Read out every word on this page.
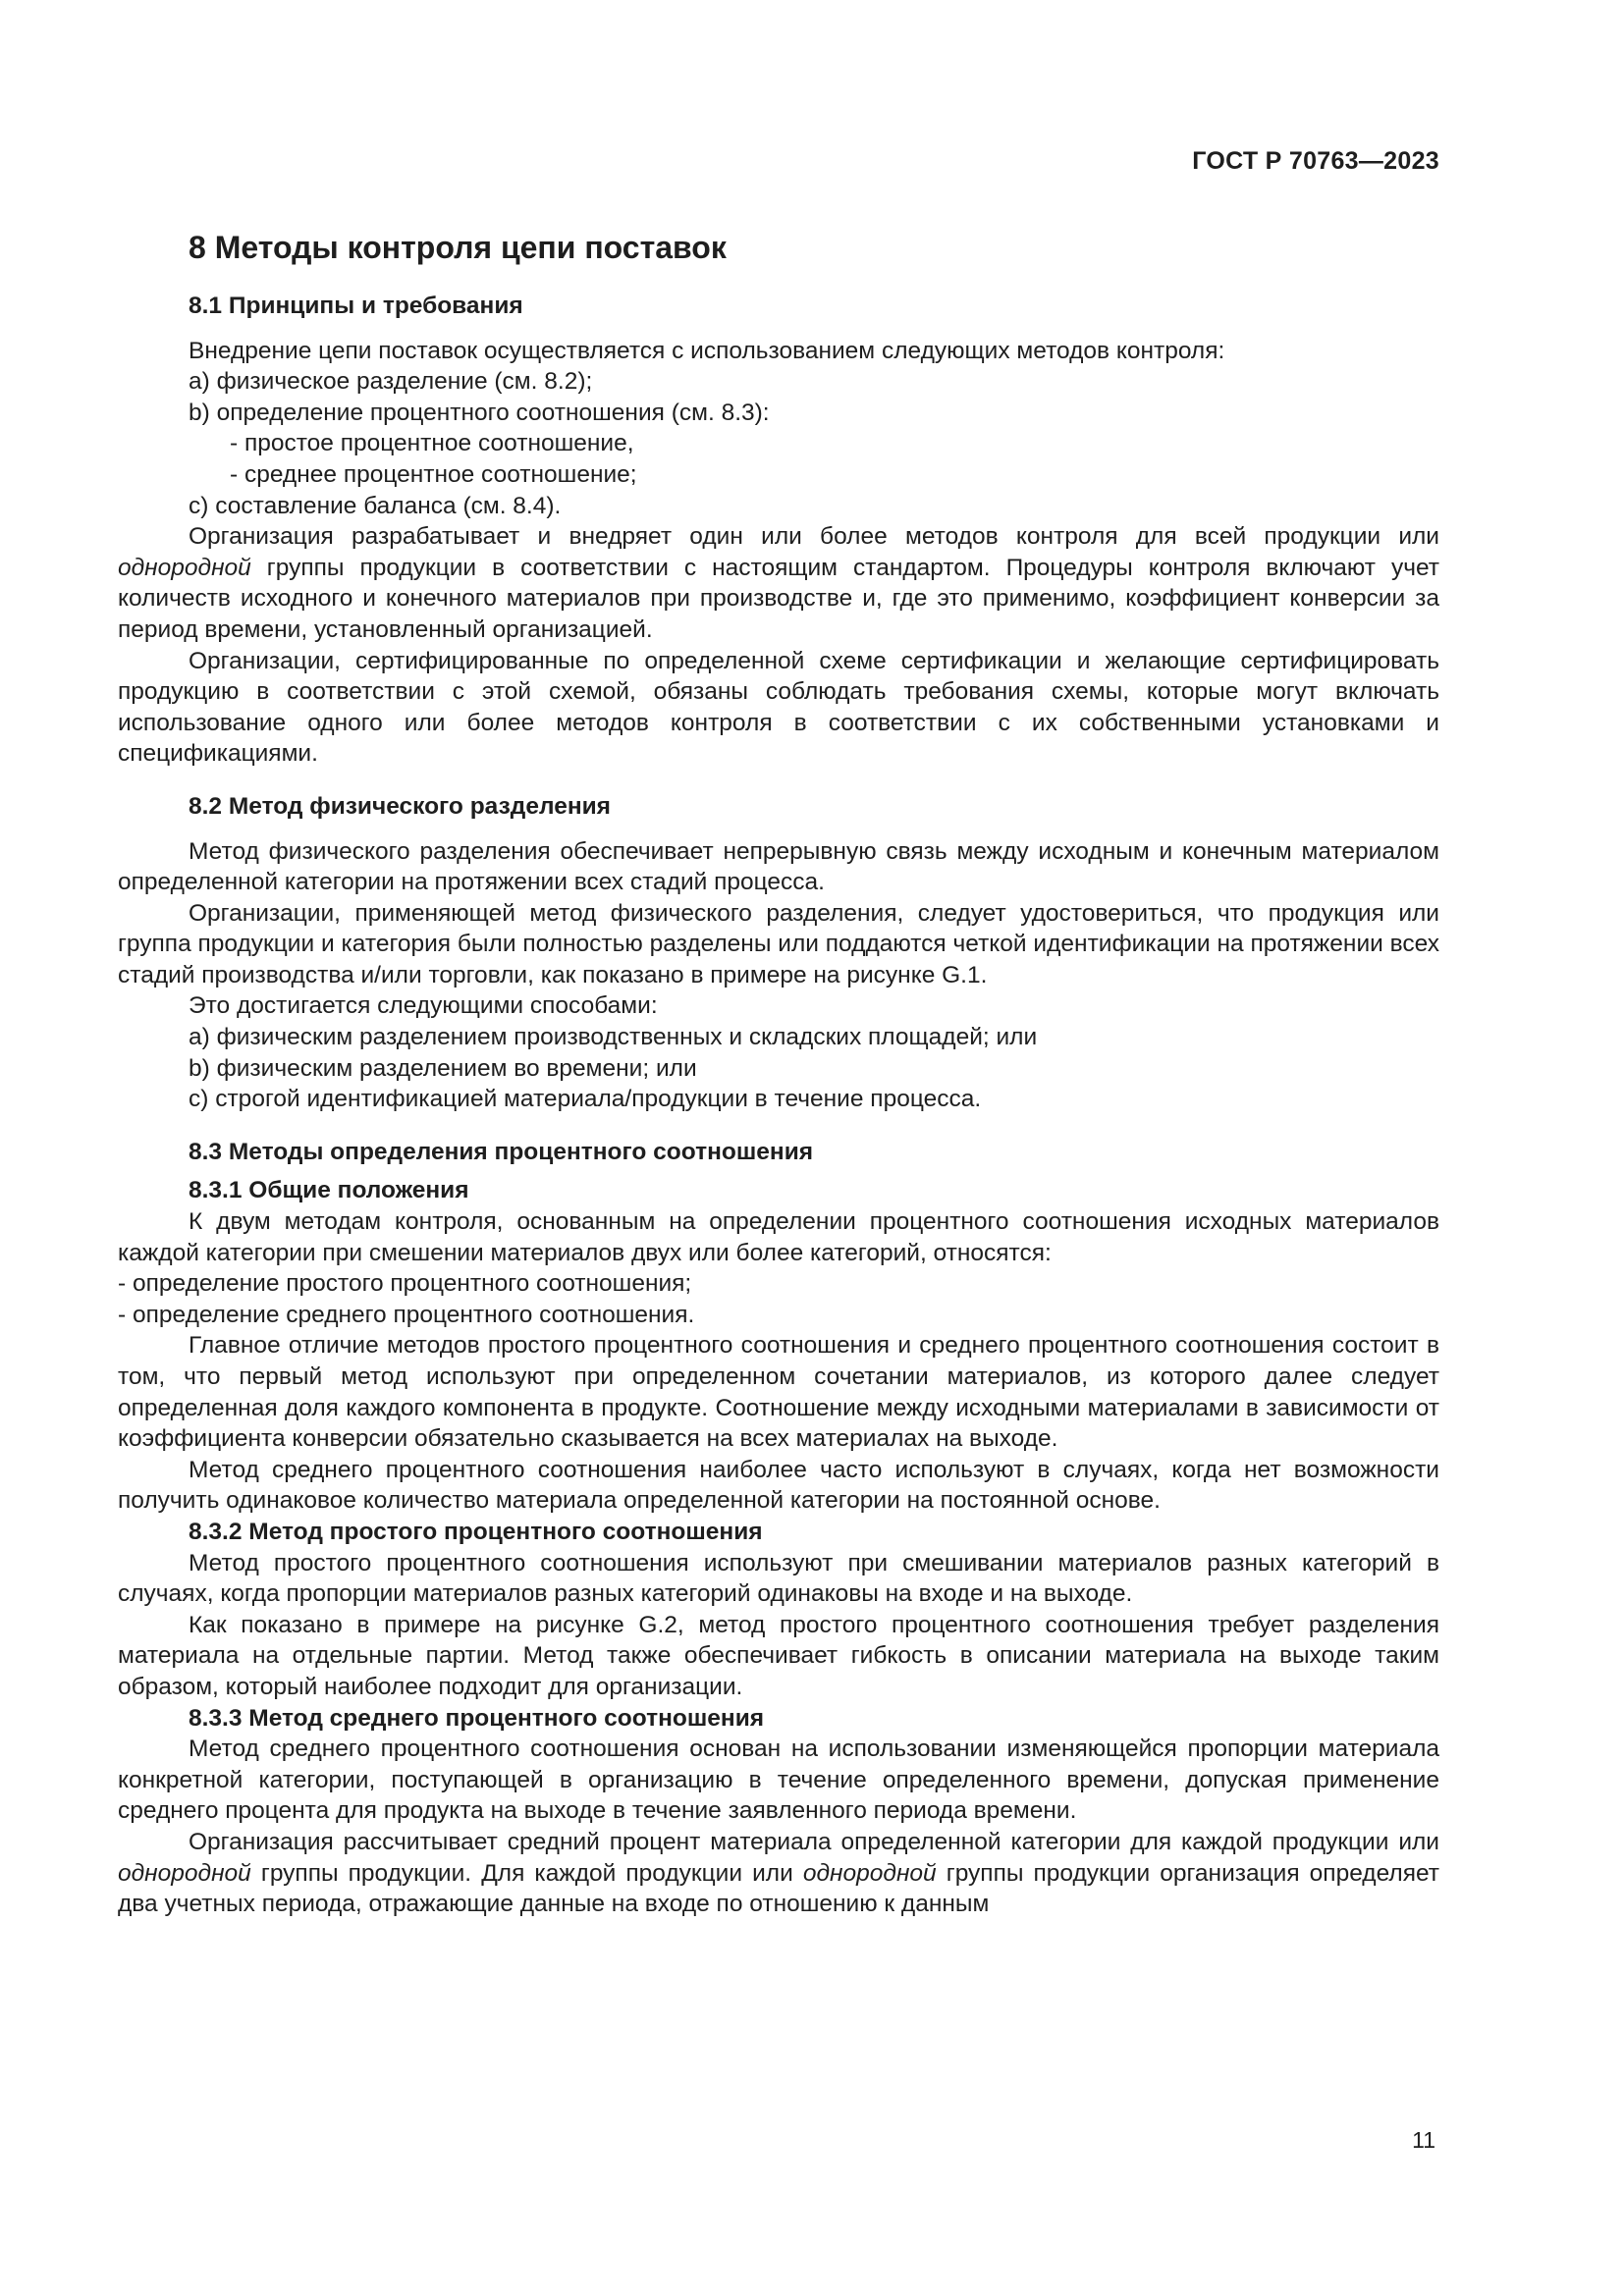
ГОСТ Р 70763—2023
8 Методы контроля цепи поставок
8.1 Принципы и требования

Внедрение цепи поставок осуществляется с использованием следующих методов контроля:

a) физическое разделение (см. 8.2);

b) определение процентного соотношения (см. 8.3):

- простое процентное соотношение,

- среднее процентное соотношение;

c) составление баланса (см. 8.4).

Организация разрабатывает и внедряет один или более методов контроля для всей продукции или однородной группы продукции в соответствии с настоящим стандартом. Процедуры контроля включают учет количеств исходного и конечного материалов при производстве и, где это применимо, коэффициент конверсии за период времени, установленный организацией.

Организации, сертифицированные по определенной схеме сертификации и желающие сертифицировать продукцию в соответствии с этой схемой, обязаны соблюдать требования схемы, которые могут включать использование одного или более методов контроля в соответствии с их собственными установками и спецификациями.

8.2 Метод физического разделения

Метод физического разделения обеспечивает непрерывную связь между исходным и конечным материалом определенной категории на протяжении всех стадий процесса.

Организации, применяющей метод физического разделения, следует удостовериться, что продукция или группа продукции и категория были полностью разделены или поддаются четкой идентификации на протяжении всех стадий производства и/или торговли, как показано в примере на рисунке G.1.

Это достигается следующими способами:

a) физическим разделением производственных и складских площадей; или

b) физическим разделением во времени; или

c) строгой идентификацией материала/продукции в течение процесса.

8.3 Методы определения процентного соотношения
8.3.1 Общие положения

К двум методам контроля, основанным на определении процентного соотношения исходных материалов каждой категории при смешении материалов двух или более категорий, относятся:

- определение простого процентного соотношения;

- определение среднего процентного соотношения.

Главное отличие методов простого процентного соотношения и среднего процентного соотношения состоит в том, что первый метод используют при определенном сочетании материалов, из которого далее следует определенная доля каждого компонента в продукте. Соотношение между исходными материалами в зависимости от коэффициента конверсии обязательно сказывается на всех материалах на выходе.

Метод среднего процентного соотношения наиболее часто используют в случаях, когда нет возможности получить одинаковое количество материала определенной категории на постоянной основе.

8.3.2 Метод простого процентного соотношения

Метод простого процентного соотношения используют при смешивании материалов разных категорий в случаях, когда пропорции материалов разных категорий одинаковы на входе и на выходе.

Как показано в примере на рисунке G.2, метод простого процентного соотношения требует разделения материала на отдельные партии. Метод также обеспечивает гибкость в описании материала на выходе таким образом, который наиболее подходит для организации.

8.3.3 Метод среднего процентного соотношения

Метод среднего процентного соотношения основан на использовании изменяющейся пропорции материала конкретной категории, поступающей в организацию в течение определенного времени, допуская применение среднего процента для продукта на выходе в течение заявленного периода времени.

Организация рассчитывает средний процент материала определенной категории для каждой продукции или однородной группы продукции. Для каждой продукции или однородной группы продукции организация определяет два учетных периода, отражающие данные на входе по отношению к данным

11
